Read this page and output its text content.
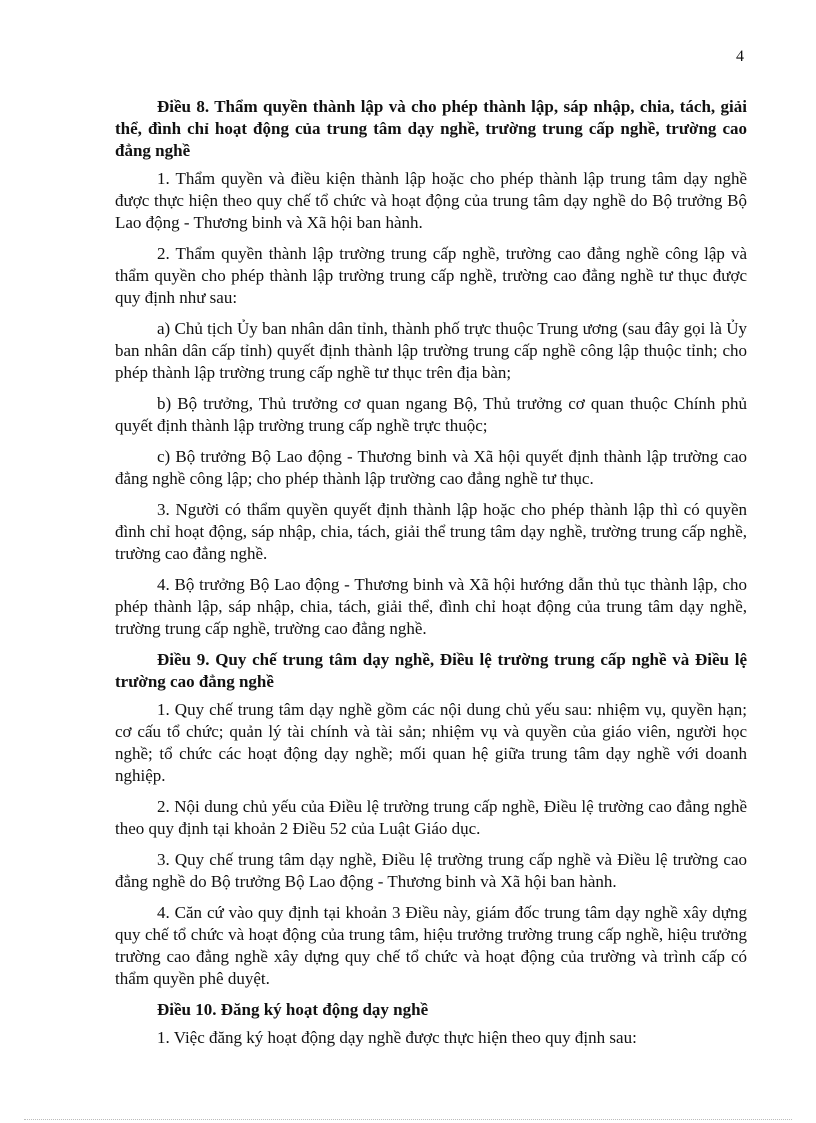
4

Điều 8. Thẩm quyền thành lập và cho phép thành lập, sáp nhập, chia, tách, giải thể, đình chỉ hoạt động của trung tâm dạy nghề, trường trung cấp nghề, trường cao đẳng nghề

1. Thẩm quyền và điều kiện thành lập hoặc cho phép thành lập trung tâm dạy nghề được thực hiện theo quy chế tổ chức và hoạt động của trung tâm dạy nghề do Bộ trưởng Bộ Lao động - Thương binh và Xã hội ban hành.

2. Thẩm quyền thành lập trường trung cấp nghề, trường cao đẳng nghề công lập và thẩm quyền cho phép thành lập trường trung cấp nghề, trường cao đẳng nghề tư thục được quy định như sau:

a) Chủ tịch Ủy ban nhân dân tỉnh, thành phố trực thuộc Trung ương (sau đây gọi là Ủy ban nhân dân cấp tỉnh) quyết định thành lập trường trung cấp nghề công lập thuộc tỉnh; cho phép thành lập trường trung cấp nghề tư thục trên địa bàn;

b) Bộ trưởng, Thủ trưởng cơ quan ngang Bộ, Thủ trưởng cơ quan thuộc Chính phủ quyết định thành lập trường trung cấp nghề trực thuộc;

c) Bộ trưởng Bộ Lao động - Thương binh và Xã hội quyết định thành lập trường cao đẳng nghề công lập; cho phép thành lập trường cao đẳng nghề tư thục.

3. Người có thẩm quyền quyết định thành lập hoặc cho phép thành lập thì có quyền đình chỉ hoạt động, sáp nhập, chia, tách, giải thể trung tâm dạy nghề, trường trung cấp nghề, trường cao đẳng nghề.

4. Bộ trưởng Bộ Lao động - Thương binh và Xã hội hướng dẫn thủ tục thành lập, cho phép thành lập, sáp nhập, chia, tách, giải thể, đình chỉ hoạt động của trung tâm dạy nghề, trường trung cấp nghề, trường cao đẳng nghề.

Điều 9. Quy chế trung tâm dạy nghề, Điều lệ trường trung cấp nghề và Điều lệ trường cao đẳng nghề

1. Quy chế trung tâm dạy nghề gồm các nội dung chủ yếu sau: nhiệm vụ, quyền hạn; cơ cấu tổ chức; quản lý tài chính và tài sản; nhiệm vụ và quyền của giáo viên, người học nghề; tổ chức các hoạt động dạy nghề; mối quan hệ giữa trung tâm dạy nghề với doanh nghiệp.

2. Nội dung chủ yếu của Điều lệ trường trung cấp nghề, Điều lệ trường cao đẳng nghề theo quy định tại khoản 2 Điều 52 của Luật Giáo dục.

3. Quy chế trung tâm dạy nghề, Điều lệ trường trung cấp nghề và Điều lệ trường cao đẳng nghề do Bộ trưởng Bộ Lao động - Thương binh và Xã hội ban hành.

4. Căn cứ vào quy định tại khoản 3 Điều này, giám đốc trung tâm dạy nghề xây dựng quy chế tổ chức và hoạt động của trung tâm, hiệu trưởng trường trung cấp nghề, hiệu trưởng trường cao đẳng nghề xây dựng quy chế tổ chức và hoạt động của trường và trình cấp có thẩm quyền phê duyệt.

Điều 10. Đăng ký hoạt động dạy nghề

1. Việc đăng ký hoạt động dạy nghề được thực hiện theo quy định sau:
